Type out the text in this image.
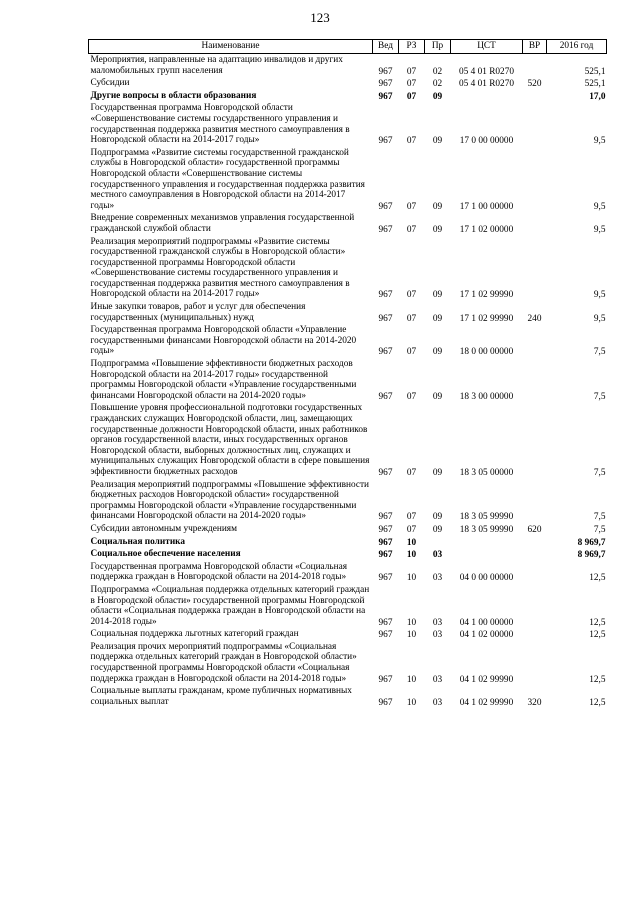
123
Наименование	Вед	РЗ	Пр	ЦСТ	ВР	2016 год
Мероприятия, направленные на адаптацию инвалидов и других маломобильных групп населения	967	07	02	05 4 01 R0270		525,1
Субсидии	967	07	02	05 4 01 R0270	520	525,1
Другие вопросы в области образования	967	07	09			17,0
Государственная программа Новгородской области «Совершенствование системы государственного управления и государственная поддержка развития местного самоуправления в Новгородской области на 2014-2017 годы»	967	07	09	17 0 00 00000		9,5
Подпрограмма «Развитие системы государственной гражданской службы в Новгородской области» государственной программы Новгородской области «Совершенствование системы государственного управления и государственная поддержка развития местного самоуправления в Новгородской области на 2014-2017 годы»	967	07	09	17 1 00 00000		9,5
Внедрение современных механизмов управления государственной гражданской службой области	967	07	09	17 1 02 00000		9,5
Реализация мероприятий подпрограммы «Развитие системы государственной гражданской службы в Новгородской области» государственной программы Новгородской области «Совершенствование системы государственного управления и государственная поддержка развития местного самоуправления в Новгородской области на 2014-2017 годы»	967	07	09	17 1 02 99990		9,5
Иные закупки товаров, работ и услуг для обеспечения государственных (муниципальных) нужд	967	07	09	17 1 02 99990	240	9,5
Государственная программа Новгородской области «Управление государственными финансами Новгородской области на 2014-2020 годы»	967	07	09	18 0 00 00000		7,5
Подпрограмма «Повышение эффективности бюджетных расходов Новгородской области на 2014-2017 годы» государственной программы Новгородской области «Управление государственными финансами Новгородской области на 2014-2020 годы»	967	07	09	18 3 00 00000		7,5
Повышение уровня профессиональной подготовки государственных гражданских служащих Новгородской области, лиц, замещающих государственные должности Новгородской области, иных работников органов государственной власти, иных государственных органов Новгородской области, выборных должностных лиц, служащих и муниципальных служащих Новгородской области в сфере повышения эффективности бюджетных расходов	967	07	09	18 3 05 00000		7,5
Реализация мероприятий подпрограммы «Повышение эффективности бюджетных расходов Новгородской области» государственной программы Новгородской области «Управление государственными финансами Новгородской области на 2014-2020 годы»	967	07	09	18 3 05 99990		7,5
Субсидии автономным учреждениям	967	07	09	18 3 05 99990	620	7,5
Социальная политика	967	10				8 969,7
Социальное обеспечение населения	967	10	03			8 969,7
Государственная программа Новгородской области «Социальная поддержка граждан в Новгородской области на 2014-2018 годы»	967	10	03	04 0 00 00000		12,5
Подпрограмма «Социальная поддержка отдельных категорий граждан в Новгородской области» государственной программы Новгородской области «Социальная поддержка граждан в Новгородской области на 2014-2018 годы»	967	10	03	04 1 00 00000		12,5
Социальная поддержка льготных категорий граждан	967	10	03	04 1 02 00000		12,5
Реализация прочих мероприятий подпрограммы «Социальная поддержка отдельных категорий граждан в Новгородской области» государственной программы Новгородской области «Социальная поддержка граждан в Новгородской области на 2014-2018 годы»	967	10	03	04 1 02 99990		12,5
Социальные выплаты гражданам, кроме публичных нормативных социальных выплат	967	10	03	04 1 02 99990	320	12,5
